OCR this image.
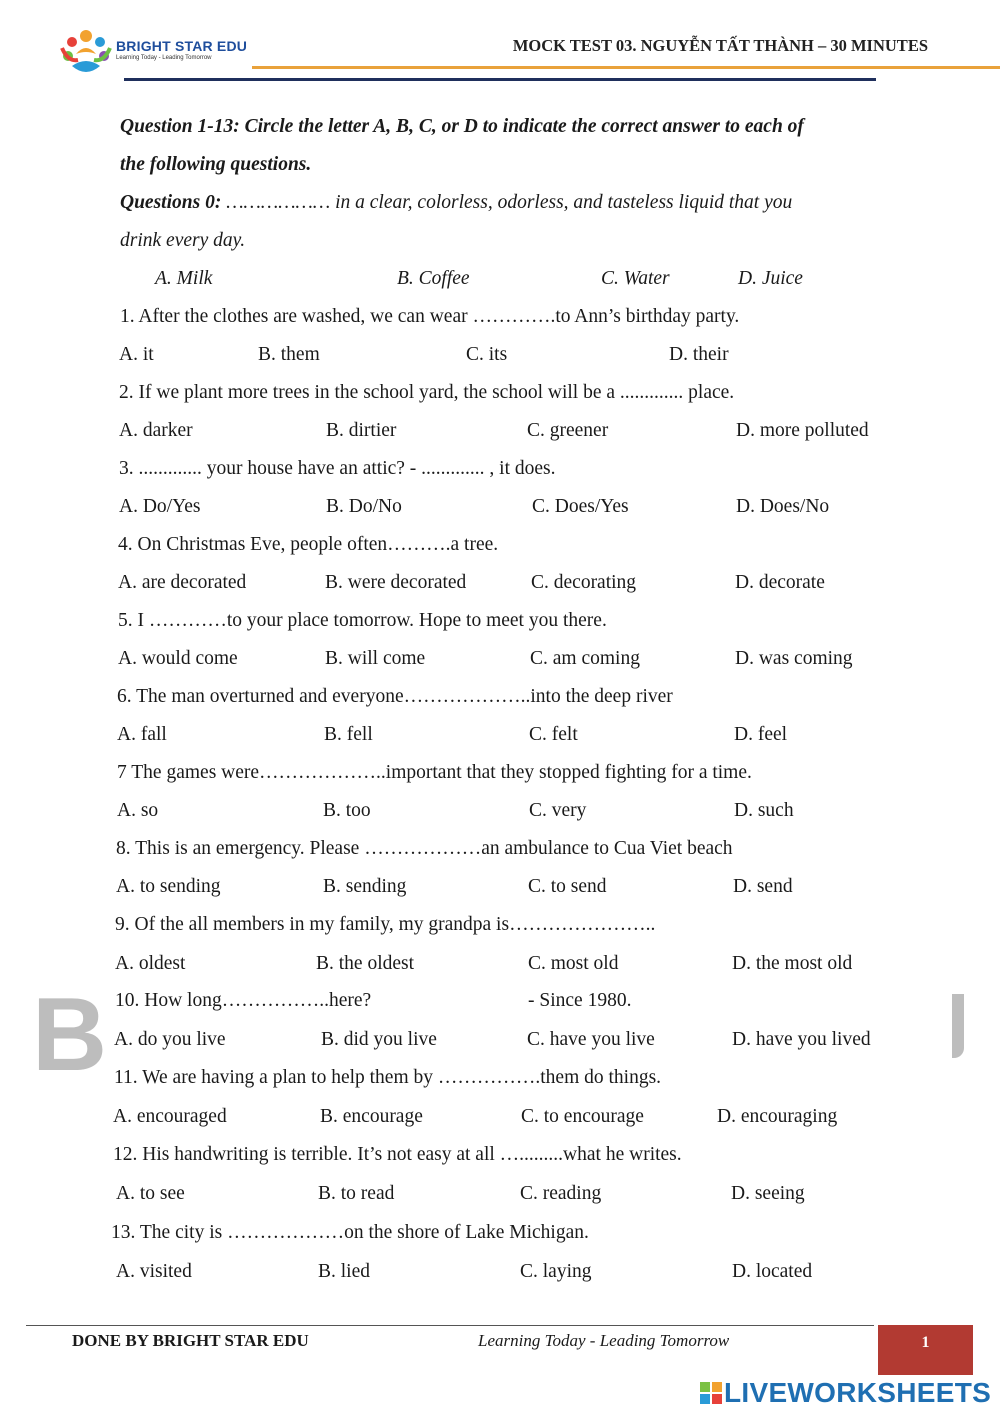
BRIGHT STAR EDU
Learning Today - Leading Tomorrow
MOCK TEST 03. NGUYỄN TẤT THÀNH – 30 MINUTES
B
Question 1-13: Circle the letter A, B, C, or D to indicate the correct answer to each of
the following questions.
Questions 0: ……………… in a clear, colorless, odorless, and tasteless liquid that you
drink every day.
A. Milk	B. Coffee	C. Water	D. Juice
1. After the clothes are washed, we can wear ………….to Ann’s birthday party.
A. it	B. them	C. its	D. their
2. If we plant more trees in the school yard, the school will be a ............. place.
A. darker	B. dirtier	C. greener	D. more polluted
3. ............. your house have an attic? - ............. , it does.
A. Do/Yes	B. Do/No	C. Does/Yes	D. Does/No
4. On Christmas Eve, people often……….a tree.
A. are decorated	B. were decorated	C. decorating	D. decorate
5. I …………to your place tomorrow. Hope to meet you there.
A. would come	B. will come	C. am coming	D. was coming
6. The man overturned and everyone………………..into the deep river
A. fall	B. fell	C. felt	D. feel
7 The games were………………..important that they stopped fighting for a time.
A. so	B. too	C. very	D. such
8. This is an emergency. Please ………………an ambulance to Cua Viet beach
A. to sending	B. sending	C. to send	D. send
9. Of the all members in my family, my grandpa is…………………..
A. oldest	B. the oldest	C. most old	D. the most old
10. How long……………..here?	- Since 1980.
A. do you live	B. did you live	C. have you live	D. have you lived
11. We are having a plan to help them by …………….them do things.
A. encouraged	B. encourage	C. to encourage	D. encouraging
12. His handwriting is terrible. It’s not easy at all ….........what he writes.
A. to see	B. to read	C. reading	D. seeing
13. The city is ………………on the shore of Lake Michigan.
A. visited	B. lied	C. laying	D. located
DONE BY BRIGHT STAR EDU	Learning Today - Leading Tomorrow	1
LIVEWORKSHEETS
